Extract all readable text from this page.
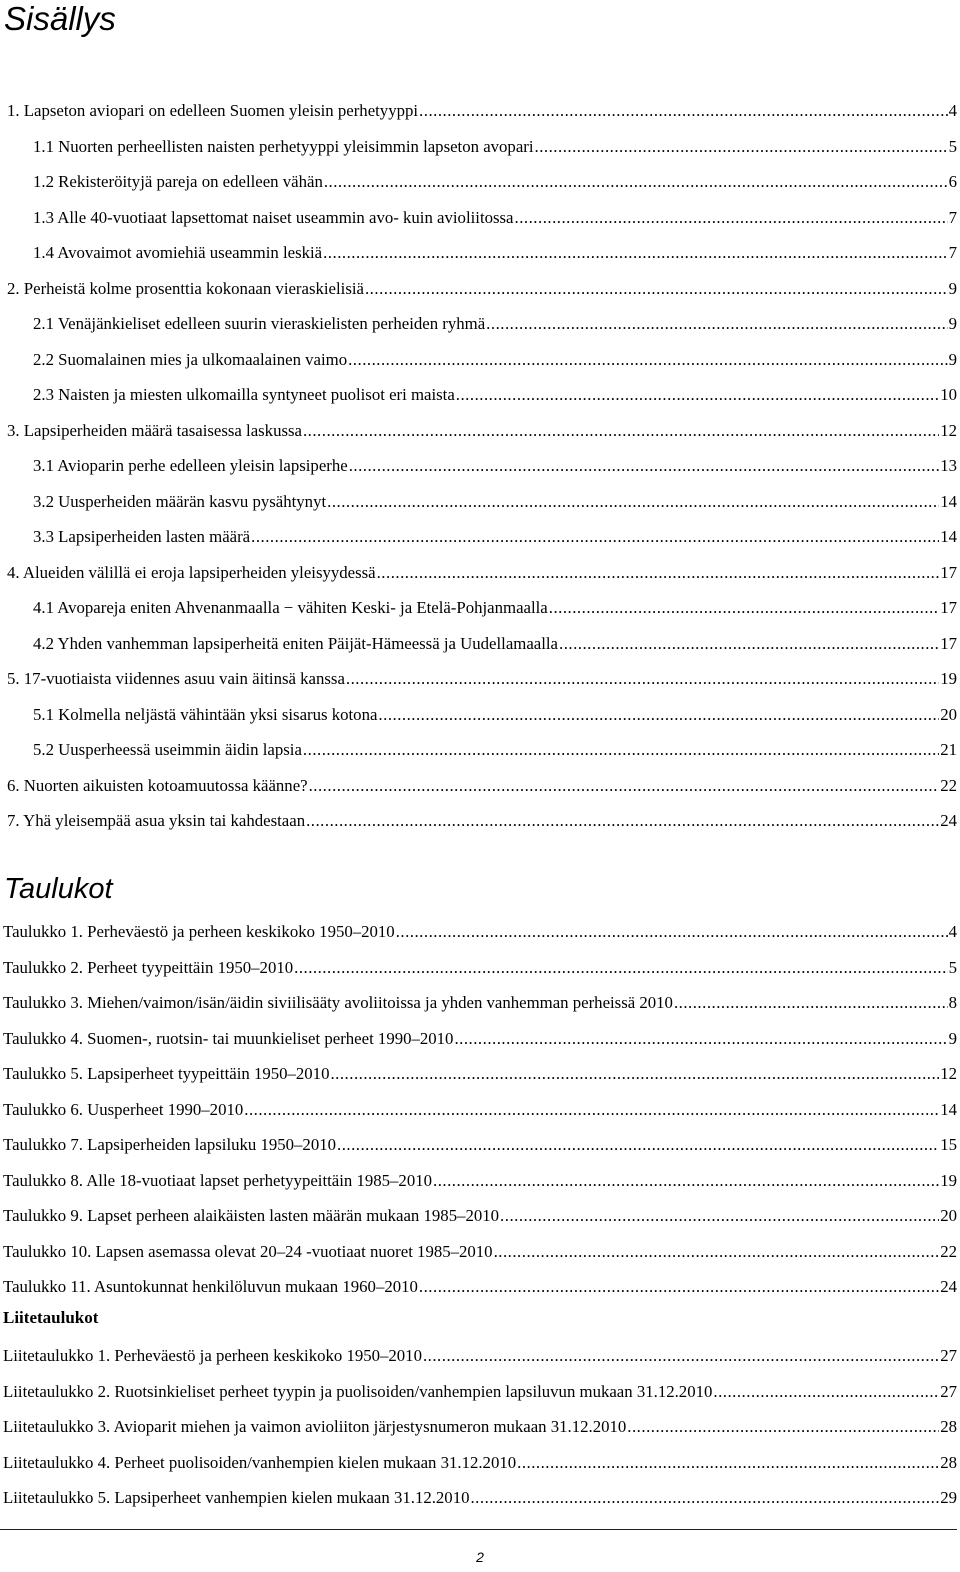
Sisällys
1. Lapseton aviopari on edelleen Suomen yleisin perhetyyppi .....	4
1.1 Nuorten perheellisten naisten perhetyyppi yleisimmin lapseton avopari .....	5
1.2 Rekisteröityjä pareja on edelleen vähän .....	6
1.3 Alle 40-vuotiaat lapsettomat naiset useammin avo- kuin avioliitossa .....	7
1.4 Avovaimot avomiehiä useammin leskiä .....	7
2. Perheistä kolme prosenttia kokonaan vieraskielisiä .....	9
2.1 Venäjänkieliset edelleen suurin vieraskielisten perheiden ryhmä .....	9
2.2 Suomalainen mies ja ulkomaalainen vaimo .....	9
2.3 Naisten ja miesten ulkomailla syntyneet puolisot eri maista .....	10
3. Lapsiperheiden määrä tasaisessa laskussa .....	12
3.1 Avioparin perhe edelleen yleisin lapsiperhe .....	13
3.2 Uusperheiden määrän kasvu pysähtynyt .....	14
3.3 Lapsiperheiden lasten määrä .....	14
4. Alueiden välillä ei eroja lapsiperheiden yleisyydessä .....	17
4.1 Avopareja eniten Ahvenanmaalla − vähiten Keski- ja Etelä-Pohjanmaalla .....	17
4.2 Yhden vanhemman lapsiperheitä eniten Päijät-Hämeessä ja Uudellamaalla .....	17
5. 17-vuotiaista viidennes asuu vain äitinsä kanssa .....	19
5.1 Kolmella neljästä vähintään yksi sisarus kotona .....	20
5.2 Uusperheessä useimmin äidin lapsia .....	21
6. Nuorten aikuisten kotoamuutossa käänne? .....	22
7. Yhä yleisempää asua yksin tai kahdestaan .....	24
Taulukot
Taulukko 1. Perheväestö ja perheen keskikoko 1950–2010 .....	4
Taulukko 2. Perheet tyypeittäin 1950–2010 .....	5
Taulukko 3. Miehen/vaimon/isän/äidin siviilisääty avoliitoissa ja yhden vanhemman perheissä 2010 .....	8
Taulukko 4. Suomen-, ruotsin- tai muunkieliset perheet 1990–2010 .....	9
Taulukko 5. Lapsiperheet tyypeittäin 1950–2010 .....	12
Taulukko 6. Uusperheet 1990–2010 .....	14
Taulukko 7. Lapsiperheiden lapsiluku 1950–2010 .....	15
Taulukko 8. Alle 18-vuotiaat lapset perhetyypeittäin 1985–2010 .....	19
Taulukko 9. Lapset perheen alaikäisten lasten määrän mukaan 1985–2010 .....	20
Taulukko 10. Lapsen asemassa olevat 20–24 -vuotiaat nuoret 1985–2010 .....	22
Taulukko 11. Asuntokunnat henkilöluvun mukaan 1960–2010 .....	24
Liitetaulukot
Liitetaulukko 1. Perheväestö ja perheen keskikoko 1950–2010 .....	27
Liitetaulukko 2. Ruotsinkieliset perheet tyypin ja puolisoiden/vanhempien lapsiluvun mukaan 31.12.2010 .....	27
Liitetaulukko 3. Avioparit miehen ja vaimon avioliiton järjestysnumeron mukaan 31.12.2010 .....	28
Liitetaulukko 4. Perheet puolisoiden/vanhempien kielen mukaan 31.12.2010 .....	28
Liitetaulukko 5. Lapsiperheet vanhempien kielen mukaan 31.12.2010 .....	29
2
